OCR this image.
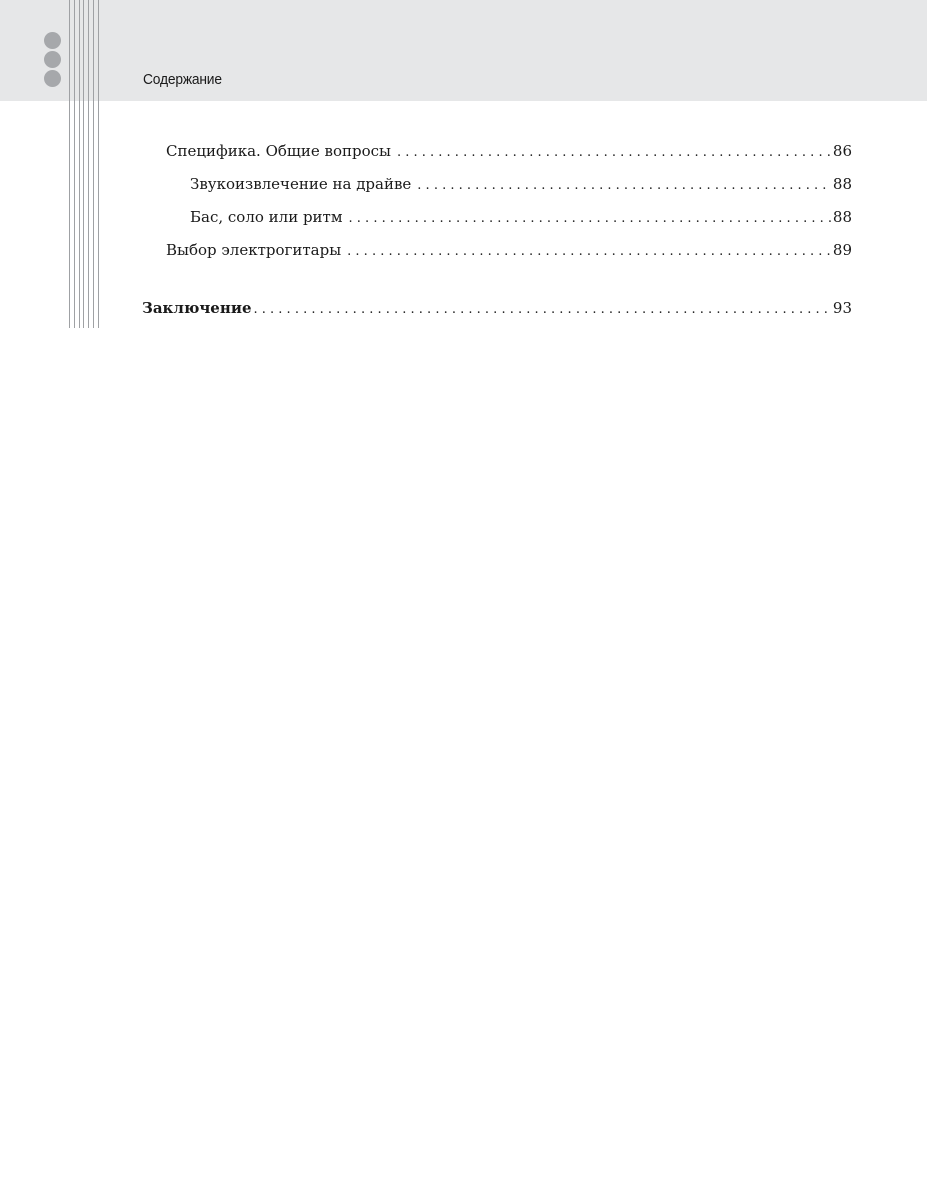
Содержание
Специфика. Общие вопросы . . .	86
Звукоизвлечение на драйве . . .	88
Бас, соло или ритм . . .	88
Выбор электрогитары . . .	89
Заключение . . .	93
